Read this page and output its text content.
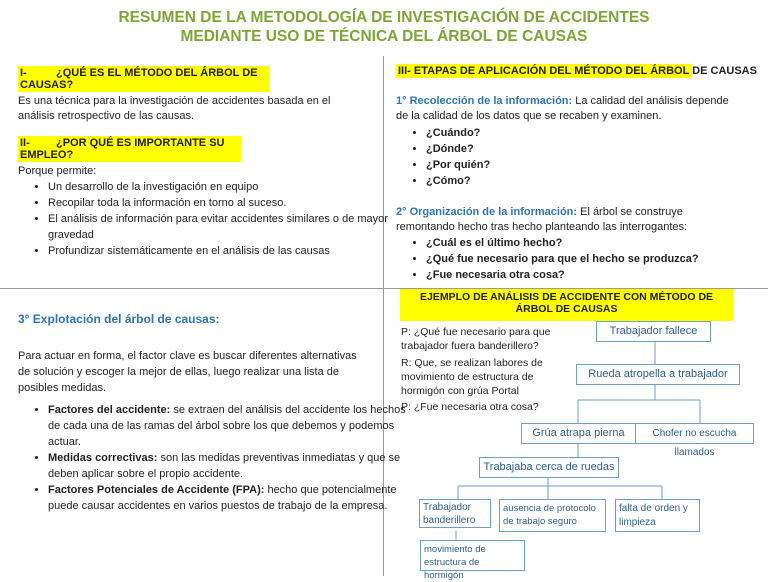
RESUMEN DE LA METODOLOGÍA DE INVESTIGACIÓN DE ACCIDENTES
MEDIANTE USO DE TÉCNICA DEL ÁRBOL DE CAUSAS
I-	¿QUÉ ES EL MÉTODO DEL ÁRBOL DE CAUSAS?
Es una técnica para la investigación de accidentes basada en el análisis retrospectivo de las causas.
II- ¿POR QUÉ ES IMPORTANTE SU EMPLEO?
Porque permite:
• Un desarrollo de la investigación en equipo
• Recopilar toda la información en torno al suceso.
• El análisis de información para evitar accidentes similares o de mayor gravedad
• Profundizar sistemáticamente en el análisis de las causas
III- ETAPAS DE APLICACIÓN DEL MÉTODO DEL ÁRBOL DE CAUSAS
1° Recolección de la información: La calidad del análisis depende de la calidad de los datos que se recaben y examinen.
• ¿Cuándo?
• ¿Dónde?
• ¿Por quién?
• ¿Cómo?
2° Organización de la información: El árbol se construye remontando hecho tras hecho planteando las interrogantes:
• ¿Cuál es el último hecho?
• ¿Qué fue necesario para que el hecho se produzca?
• ¿Fue necesaria otra cosa?
3° Explotación del árbol de causas:
Para actuar en forma, el factor clave es buscar diferentes alternativas de solución y escoger la mejor de ellas, luego realizar una lista de posibles medidas.
• Factores del accidente: se extraen del análisis del accidente los hechos de cada una de las ramas del árbol sobre los que debemos y podemos actuar.
• Medidas correctivas: son las medidas preventivas inmediatas y que se deben aplicar sobre el propio accidente.
• Factores Potenciales de Accidente (FPA): hecho que potencialmente puede causar accidentes en varios puestos de trabajo de la empresa.
EJEMPLO DE ANÁLISIS DE ACCIDENTE CON MÉTODO DE
ÁRBOL DE CAUSAS
P: ¿Qué fue necesario para que trabajador fuera banderillero?
R: Que, se realizan labores de movimiento de estructura de hormigón con grúa Portal
P: ¿Fue necesaria otra cosa?
Trabajador fallece
Rueda atropella a trabajador
Grúa atrapa pierna	Chofer no escucha llamados
Trabajaba cerca de ruedas
Trabajador banderillero
ausencia de protocolo de trabajo seguro
falta de orden y limpieza
movimiento de estructura de hormigón
